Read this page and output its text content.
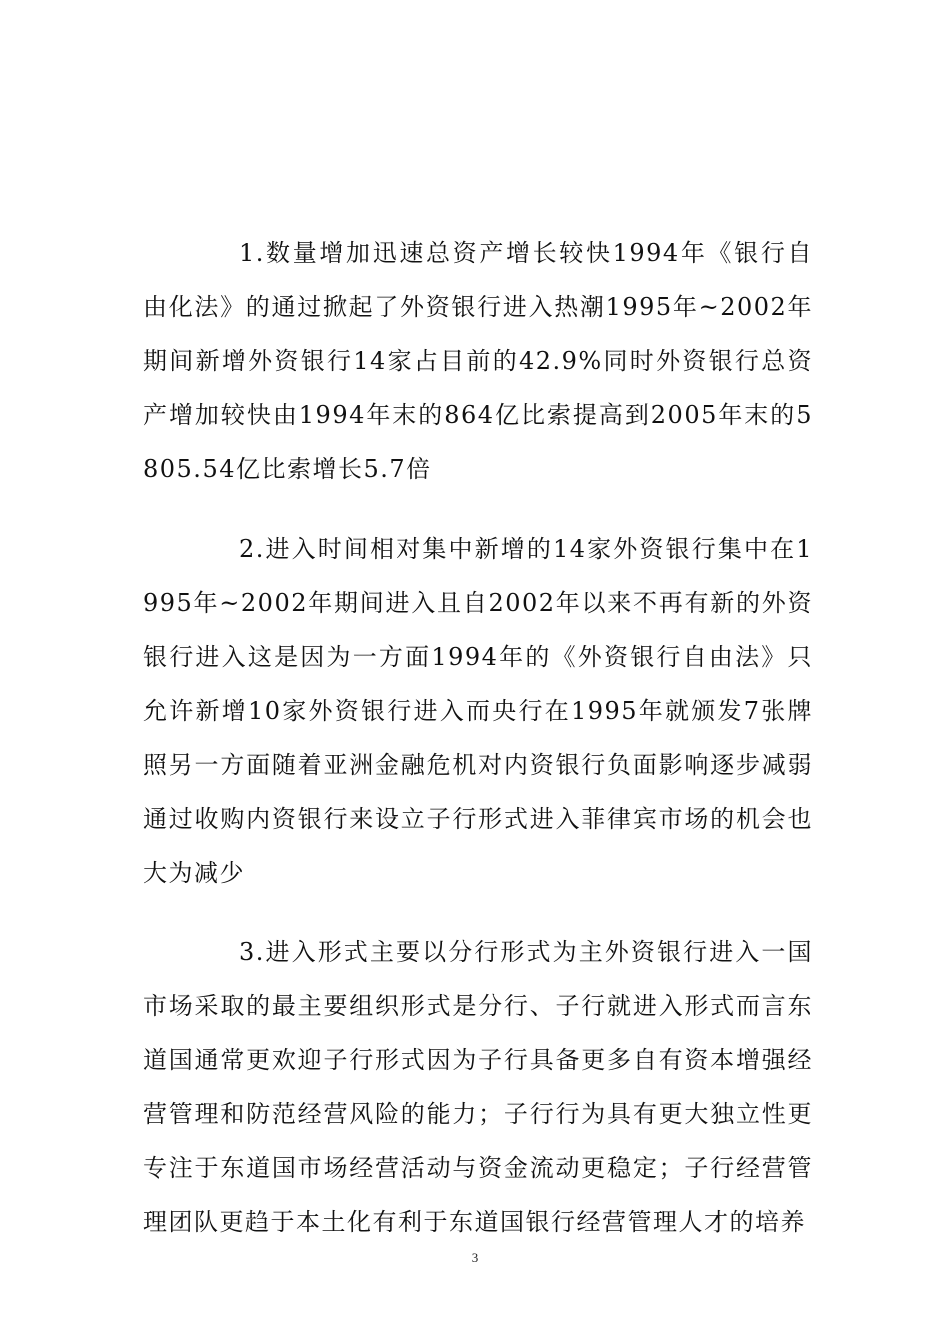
1.数量增加迅速总资产增长较快1994年《银行自由化法》的通过掀起了外资银行进入热潮1995年~2002年期间新增外资银行14家占目前的42.9%同时外资银行总资产增加较快由1994年末的864亿比索提高到2005年末的5805.54亿比索增长5.7倍

2.进入时间相对集中新增的14家外资银行集中在1995年~2002年期间进入且自2002年以来不再有新的外资银行进入这是因为一方面1994年的《外资银行自由法》只允许新增10家外资银行进入而央行在1995年就颁发7张牌照另一方面随着亚洲金融危机对内资银行负面影响逐步减弱通过收购内资银行来设立子行形式进入菲律宾市场的机会也大为减少

3.进入形式主要以分行形式为主外资银行进入一国市场采取的最主要组织形式是分行、子行就进入形式而言东道国通常更欢迎子行形式因为子行具备更多自有资本增强经营管理和防范经营风险的能力；子行行为具有更大独立性更专注于东道国市场经营活动与资金流动更稳定；子行经营管理团队更趋于本土化有利于东道国银行经营管理人才的培养

3
